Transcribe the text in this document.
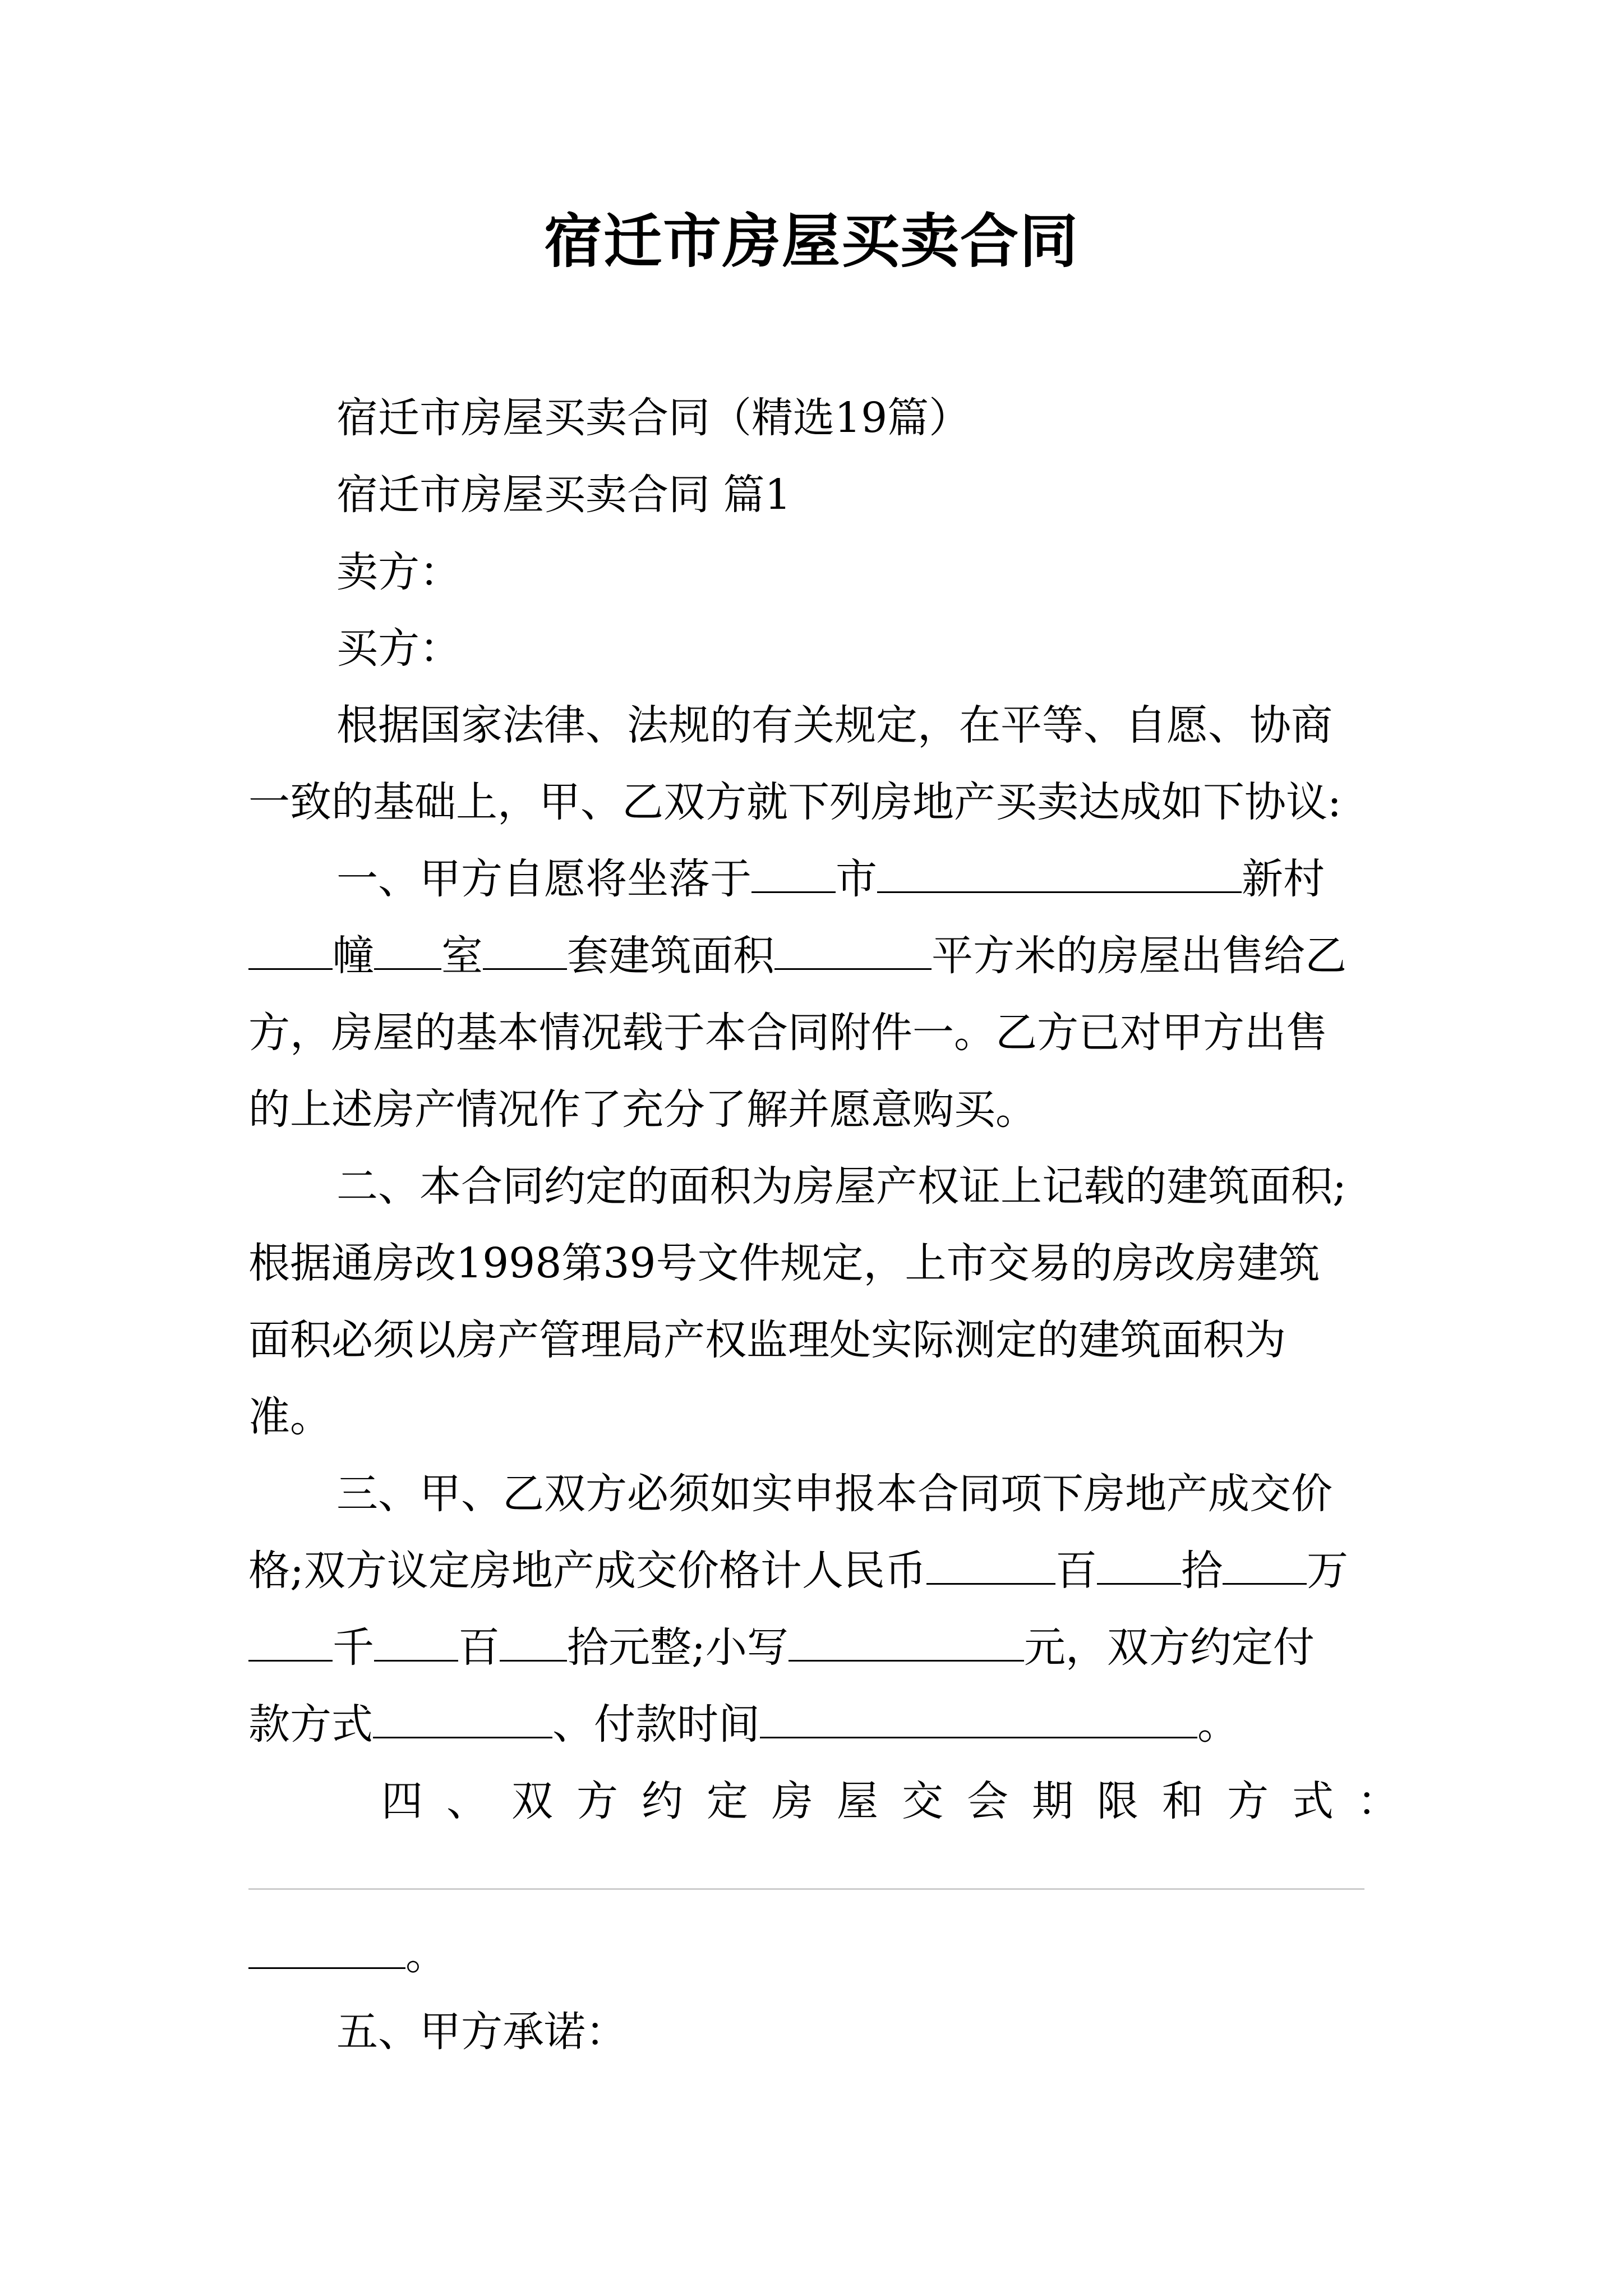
宿迁市房屋买卖合同
宿迁市房屋买卖合同（精选19篇）
宿迁市房屋买卖合同 篇1
卖方：
买方：
根据国家法律、法规的有关规定，在平等、自愿、协商
一致的基础上，甲、乙双方就下列房地产买卖达成如下协议:
一、甲方自愿将坐落于 市	新村
幢 室 套建筑面积	平方米的房屋出售给乙
方，房屋的基本情况载于本合同附件一。乙方已对甲方出售
的上述房产情况作了充分了解并愿意购买。
二、本合同约定的面积为房屋产权证上记载的建筑面积;
根据通房改1998第39号文件规定，上市交易的房改房建筑
面积必须以房产管理局产权监理处实际测定的建筑面积为
准。
三、甲、乙双方必须如实申报本合同项下房地产成交价
格;双方议定房地产成交价格计人民币	百 拾 万
千 百 拾元整;小写	元，双方约定付
款方式	、付款时间	。
四、双方约定房屋交会期限和方式：
。
五、甲方承诺：
